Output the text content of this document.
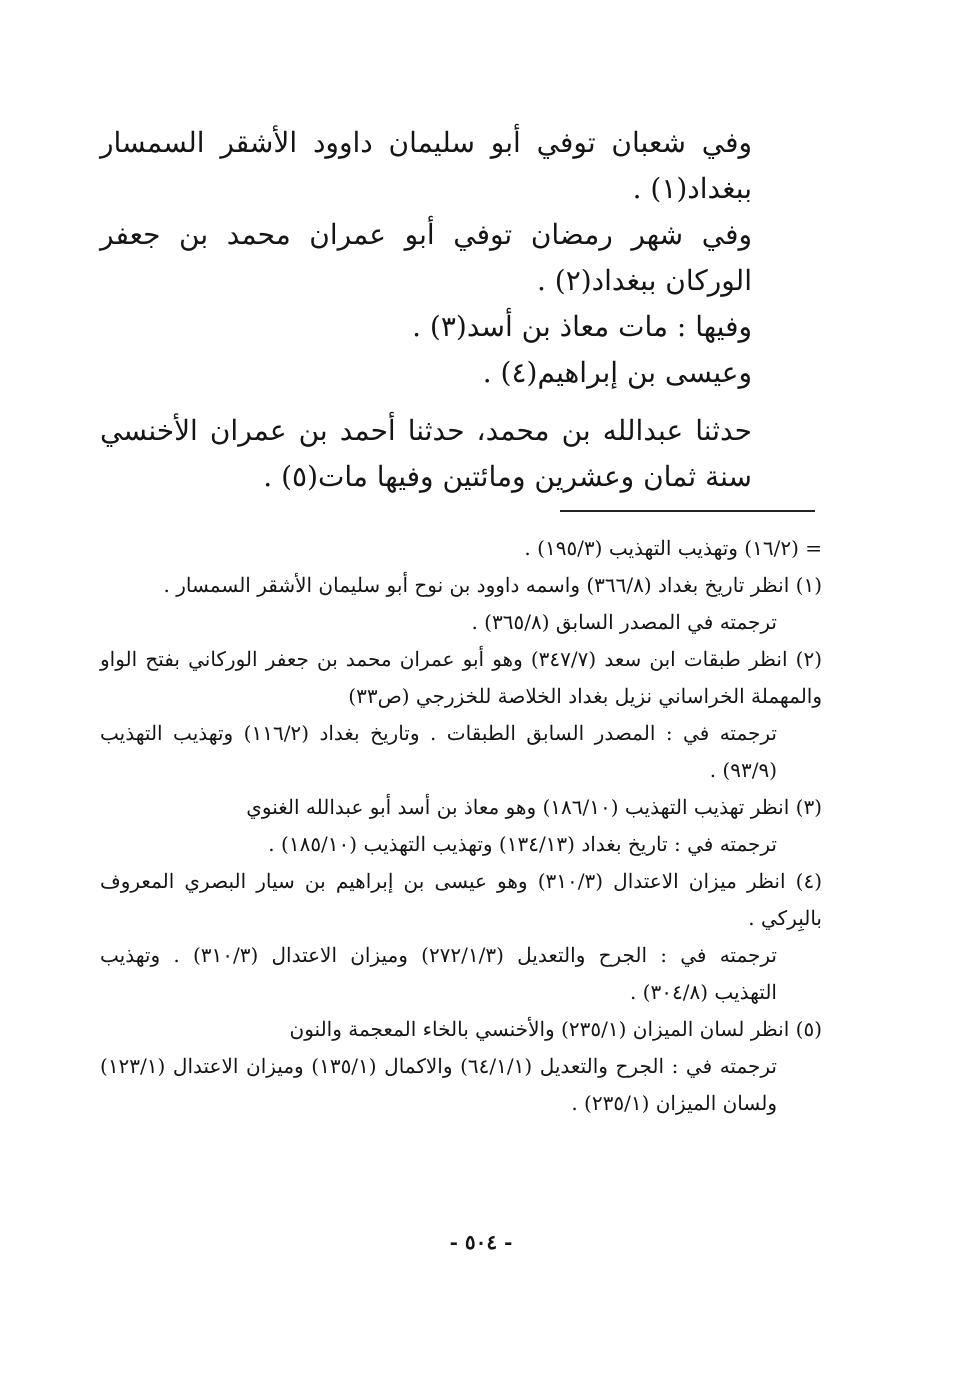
وفي شعبان توفي أبو سليمان داوود الأشقر السمسار ببغداد(١) .

وفي شهر رمضان توفي أبو عمران محمد بن جعفر الوركان ببغداد(٢) .

وفيها : مات معاذ بن أسد(٣) .

وعيسى بن إبراهيم(٤) .

حدثنا عبدالله بن محمد، حدثنا أحمد بن عمران الأخنسي سنة ثمان وعشرين ومائتين وفيها مات(٥) .

= (١٦/٢) وتهذيب التهذيب (١٩٥/٣) .

(١) انظر تاريخ بغداد (٣٦٦/٨) واسمه داوود بن نوح أبو سليمان الأشقر السمسار .

ترجمته في المصدر السابق (٣٦٥/٨) .

(٢) انظر طبقات ابن سعد (٣٤٧/٧) وهو أبو عمران محمد بن جعفر الوركاني بفتح الواو والمهملة الخراساني نزيل بغداد الخلاصة للخزرجي (ص٣٣)

ترجمته في : المصدر السابق الطبقات . وتاريخ بغداد (١١٦/٢) وتهذيب التهذيب (٩٣/٩) .

(٣) انظر تهذيب التهذيب (١٨٦/١٠) وهو معاذ بن أسد أبو عبدالله الغنوي

ترجمته في : تاريخ بغداد (١٣٤/١٣) وتهذيب التهذيب (١٨٥/١٠) .

(٤) انظر ميزان الاعتدال (٣١٠/٣) وهو عيسى بن إبراهيم بن سيار البصري المعروف بالبِركي .

ترجمته في : الجرح والتعديل (٢٧٢/١/٣) وميزان الاعتدال (٣١٠/٣) . وتهذيب التهذيب (٣٠٤/٨) .

(٥) انظر لسان الميزان (٢٣٥/١) والأخنسي بالخاء المعجمة والنون

ترجمته في : الجرح والتعديل (٦٤/١/١) والاكمال (١٣٥/١) وميزان الاعتدال (١٢٣/١) ولسان الميزان (٢٣٥/١) .

- ٥٠٤ -
